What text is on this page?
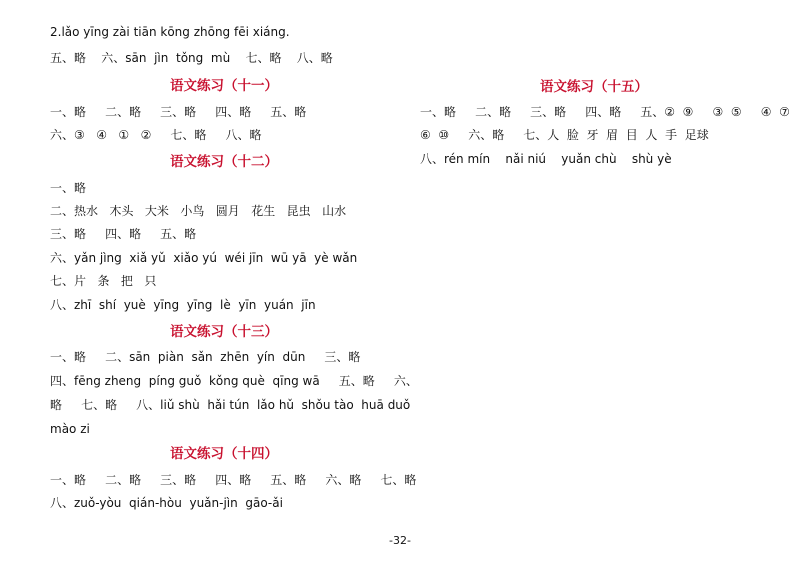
2.lǎo yīng zài tiān kōng zhōng fēi xiáng.
五、略    六、sān  jìn  tǒng  mù    七、略    八、略
语文练习（十一）
一、略     二、略     三、略     四、略     五、略
六、③   ④   ①   ②     七、略     八、略
语文练习（十二）
一、略
二、热水   木头   大米   小鸟   圆月   花生   昆虫   山水
三、略     四、略     五、略
六、yǎn jìng  xiǎ yǔ  xiǎo yú  wéi jīn  wū yā  yè wǎn
七、片   条   把   只
八、zhī  shí  yuè  yīng  yīng  lè  yīn  yuán  jīn
语文练习（十三）
一、略     二、sān  piàn  sǎn  zhēn  yín  dūn     三、略
四、fēng zheng  píng guǒ  kǒng què  qīng wā     五、略     六、
略     七、略     八、liǔ shù  hǎi tún  lǎo hǔ  shǒu tào  huā duǒ
mào zi
语文练习（十四）
一、略     二、略     三、略     四、略     五、略     六、略     七、略
八、zuǒ-yòu  qián-hòu  yuǎn-jìn  gāo-ǎi
语文练习（十五）
一、略     二、略     三、略     四、略     五、②  ⑨     ③  ⑤     ④  ⑦
⑥  ⑩     六、略     七、人  脸  牙  眉  目  人  手  足球
八、rén mín    nǎi niú    yuǎn chù    shù yè
-32-
